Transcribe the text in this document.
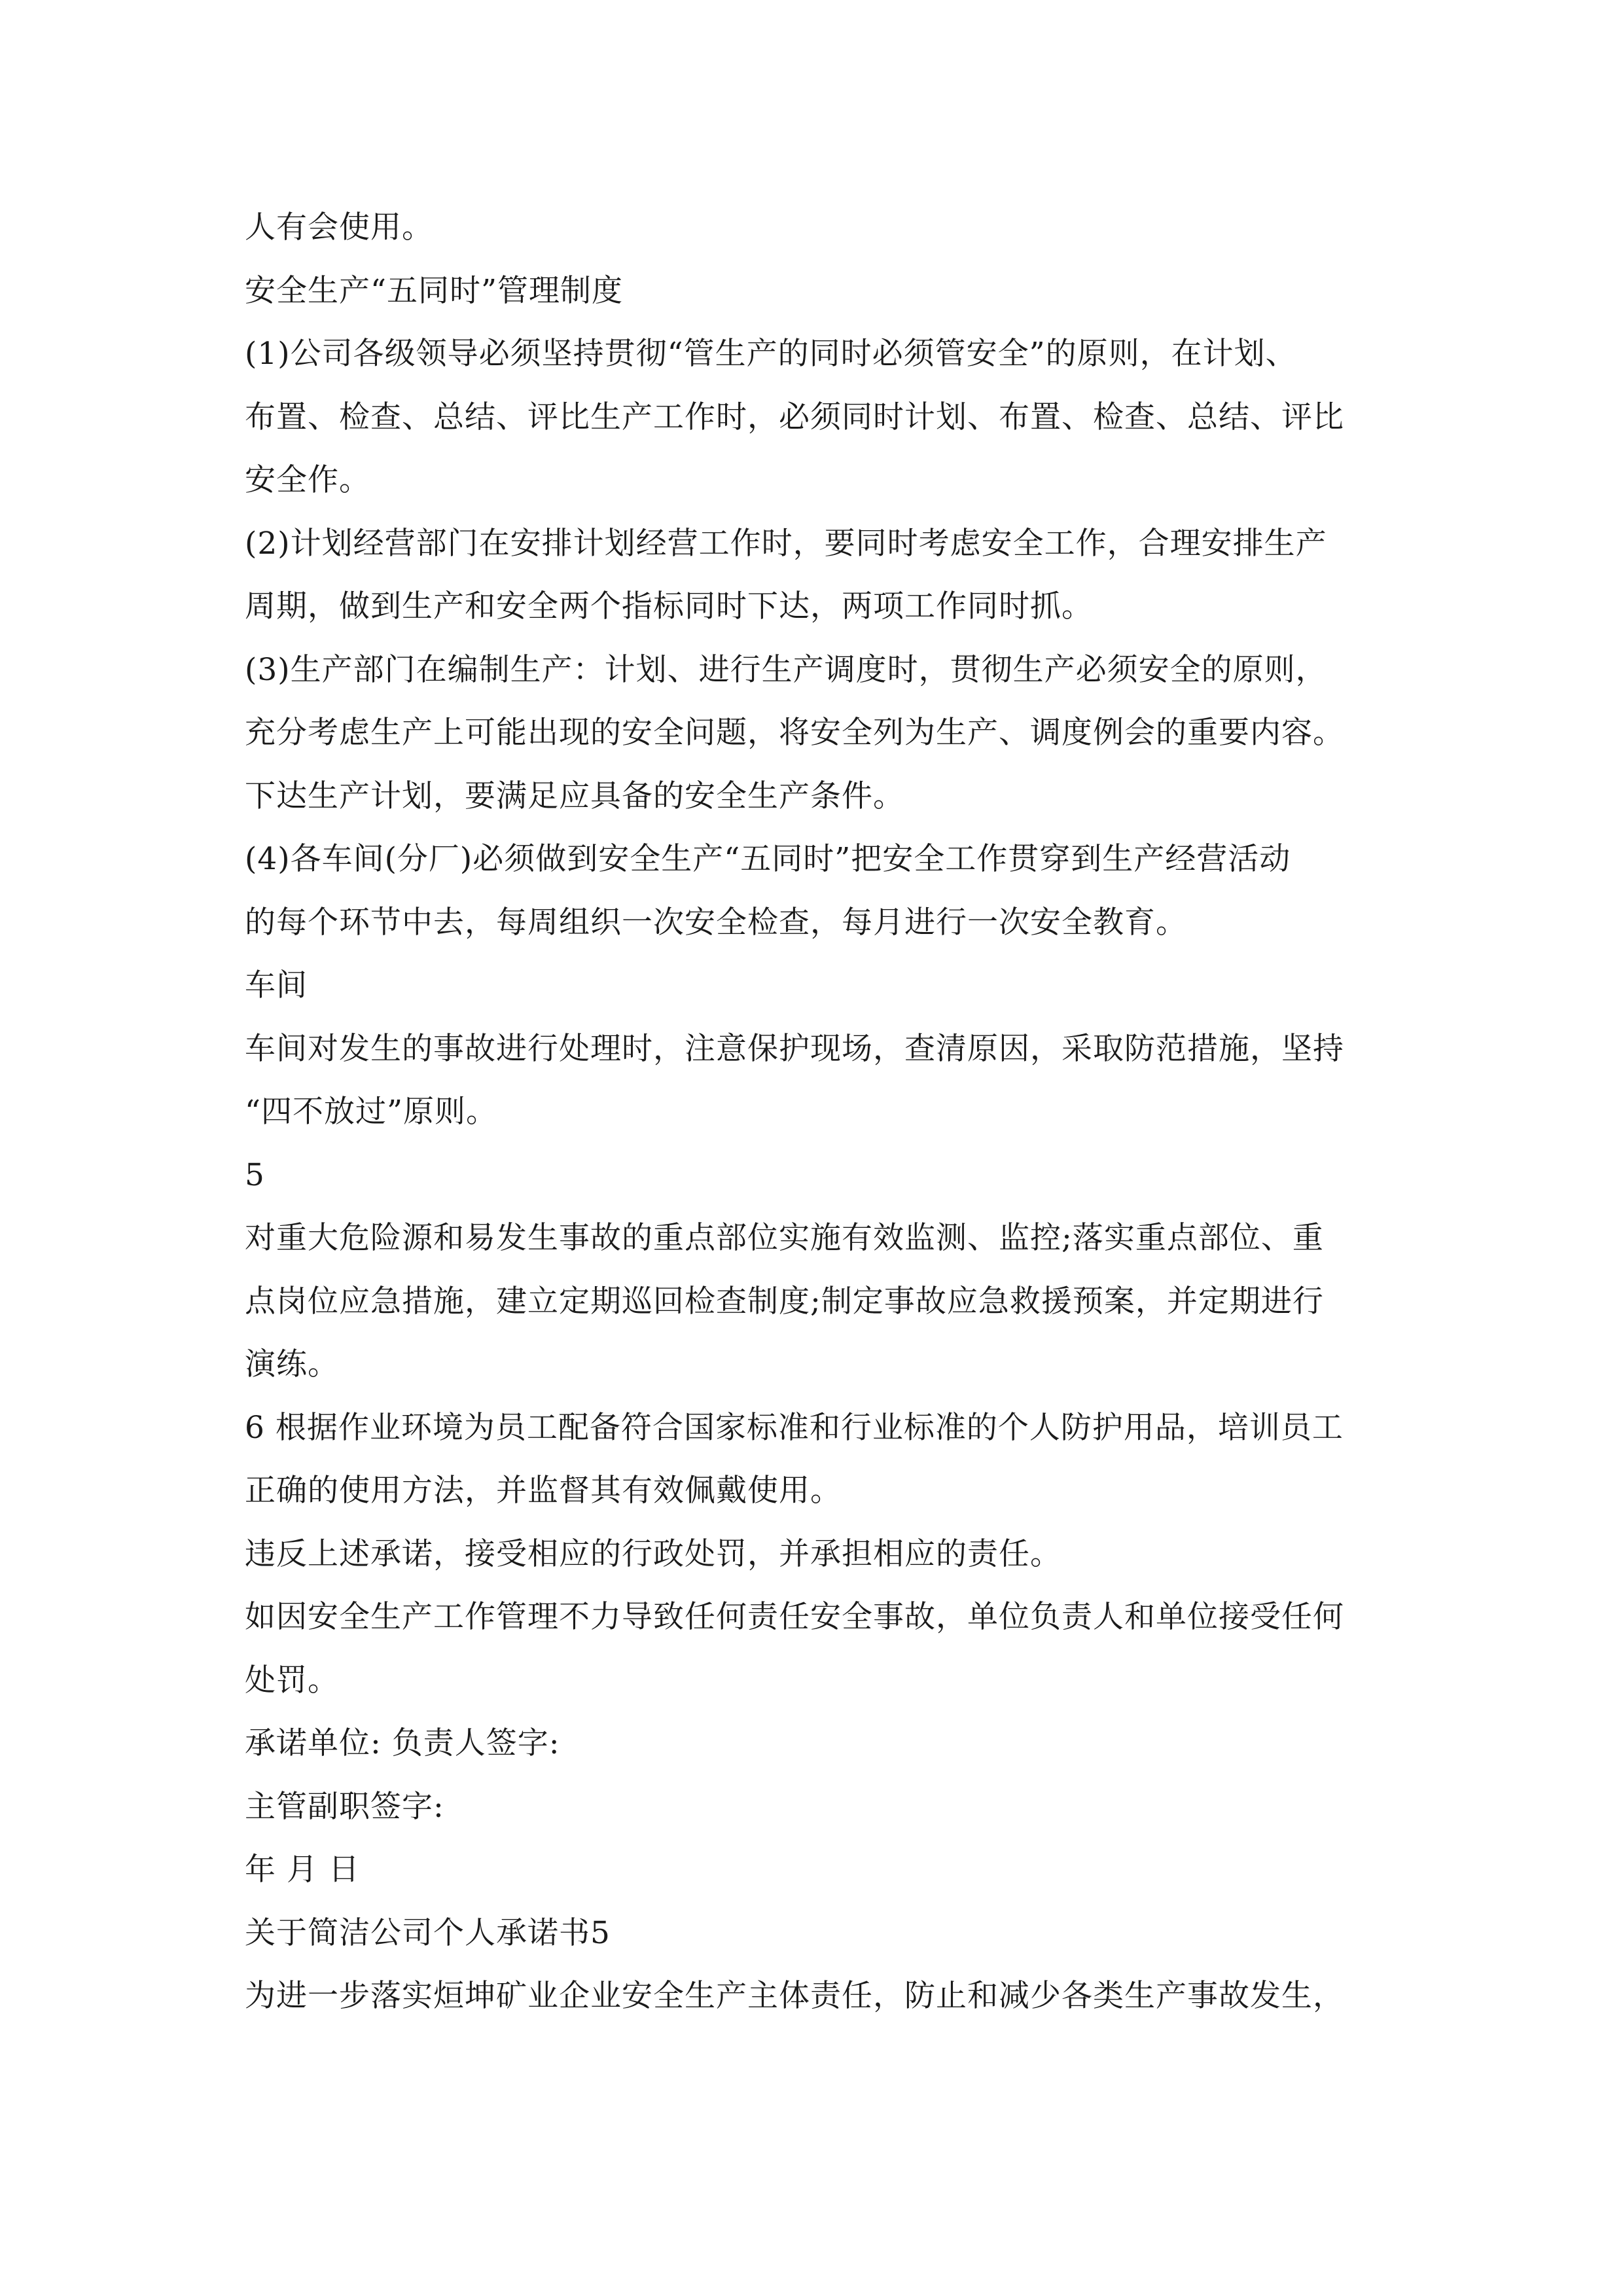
人有会使用。
安全生产“五同时”管理制度
(1)公司各级领导必须坚持贯彻“管生产的同时必须管安全”的原则，在计划、
布置、检查、总结、评比生产工作时，必须同时计划、布置、检查、总结、评比
安全作。
(2)计划经营部门在安排计划经营工作时，要同时考虑安全工作，合理安排生产
周期，做到生产和安全两个指标同时下达，两项工作同时抓。
(3)生产部门在编制生产：计划、进行生产调度时，贯彻生产必须安全的原则，
充分考虑生产上可能出现的安全问题，将安全列为生产、调度例会的重要内容。
下达生产计划，要满足应具备的安全生产条件。
(4)各车间(分厂)必须做到安全生产“五同时”把安全工作贯穿到生产经营活动
的每个环节中去，每周组织一次安全检查，每月进行一次安全教育。
车间
车间对发生的事故进行处理时，注意保护现场，查清原因，采取防范措施，坚持
“四不放过”原则。
5
对重大危险源和易发生事故的重点部位实施有效监测、监控;落实重点部位、重
点岗位应急措施，建立定期巡回检查制度;制定事故应急救援预案，并定期进行
演练。
6 根据作业环境为员工配备符合国家标准和行业标准的个人防护用品，培训员工
正确的使用方法，并监督其有效佩戴使用。
违反上述承诺，接受相应的行政处罚，并承担相应的责任。
如因安全生产工作管理不力导致任何责任安全事故，单位负责人和单位接受任何
处罚。
承诺单位: 负责人签字:
主管副职签字:
年 月 日
关于简洁公司个人承诺书5
为进一步落实烜坤矿业企业安全生产主体责任，防止和减少各类生产事故发生，
